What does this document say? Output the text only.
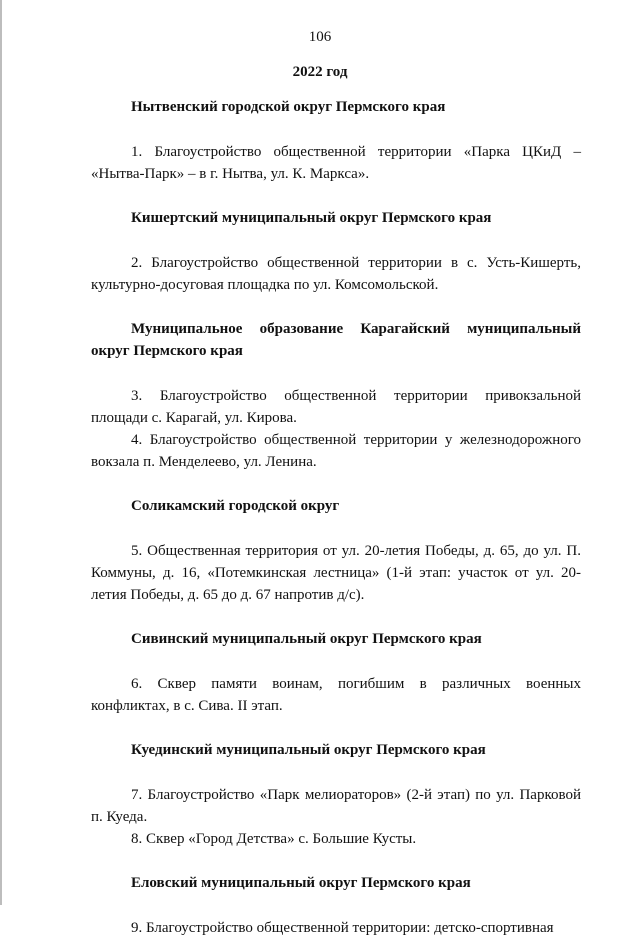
106
2022 год

Нытвенский городской округ Пермского края

1. Благоустройство общественной территории «Парка ЦКиД – «Нытва-Парк» – в г. Нытва, ул. К. Маркса».

Кишертский муниципальный округ Пермского края

2. Благоустройство общественной территории в с. Усть-Кишерть, культурно-досуговая площадка по ул. Комсомольской.

Муниципальное образование Карагайский муниципальный округ Пермского края

3. Благоустройство общественной территории привокзальной площади с. Карагай, ул. Кирова.

4. Благоустройство общественной территории у железнодорожного вокзала п. Менделеево, ул. Ленина.

Соликамский городской округ

5. Общественная территория от ул. 20-летия Победы, д. 65, до ул. П. Коммуны, д. 16, «Потемкинская лестница» (1-й этап: участок от ул. 20-летия Победы, д. 65 до д. 67 напротив д/с).

Сивинский муниципальный округ Пермского края

6. Сквер памяти воинам, погибшим в различных военных конфликтах, в с. Сива. II этап.

Куединский муниципальный округ Пермского края

7. Благоустройство «Парк мелиораторов» (2-й этап) по ул. Парковой п. Куеда.

8. Сквер «Город Детства» с. Большие Кусты.

Еловский муниципальный округ Пермского края

9. Благоустройство общественной территории: детско-спортивная
